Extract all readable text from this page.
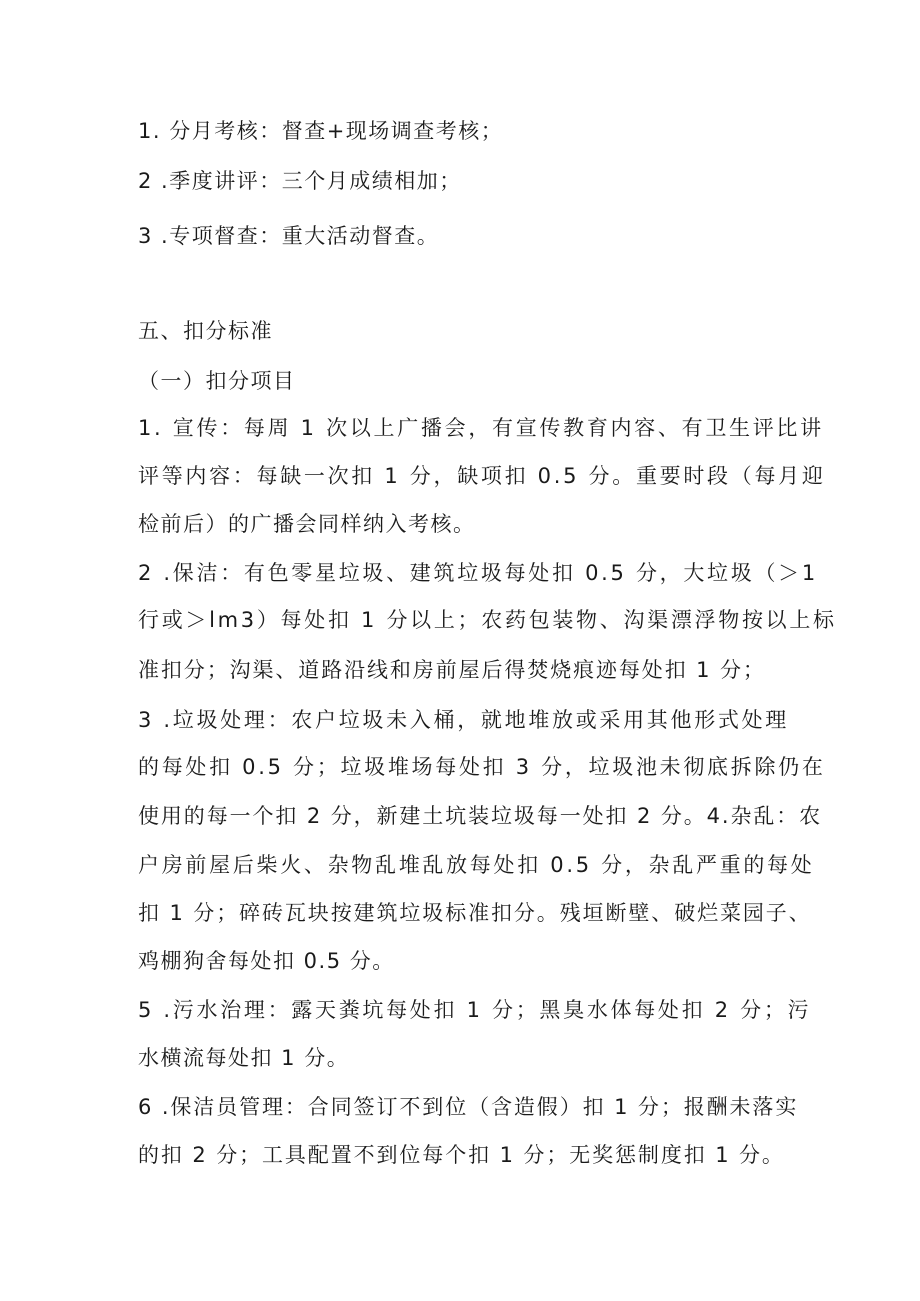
1. 分月考核：督查+现场调查考核；
2 .季度讲评：三个月成绩相加；
3 .专项督查：重大活动督查。
五、扣分标准
（一）扣分项目
1. 宣传：每周 1 次以上广播会，有宣传教育内容、有卫生评比讲
评等内容：每缺一次扣 1 分，缺项扣 0.5 分。重要时段（每月迎
检前后）的广播会同样纳入考核。
2 .保洁：有色零星垃圾、建筑垃圾每处扣 0.5 分，大垃圾（＞1
行或＞lm3）每处扣 1 分以上；农药包装物、沟渠漂浮物按以上标
准扣分；沟渠、道路沿线和房前屋后得焚烧痕迹每处扣 1 分；
3 .垃圾处理：农户垃圾未入桶，就地堆放或采用其他形式处理
的每处扣 0.5 分；垃圾堆场每处扣 3 分，垃圾池未彻底拆除仍在
使用的每一个扣 2 分，新建土坑装垃圾每一处扣 2 分。4.杂乱：农
户房前屋后柴火、杂物乱堆乱放每处扣 0.5 分，杂乱严重的每处
扣 1 分；碎砖瓦块按建筑垃圾标准扣分。残垣断壁、破烂菜园子、
鸡棚狗舍每处扣 0.5 分。
5 .污水治理：露天粪坑每处扣 1 分；黑臭水体每处扣 2 分；污
水横流每处扣 1 分。
6 .保洁员管理：合同签订不到位（含造假）扣 1 分；报酬未落实
的扣 2 分；工具配置不到位每个扣 1 分；无奖惩制度扣 1 分。
